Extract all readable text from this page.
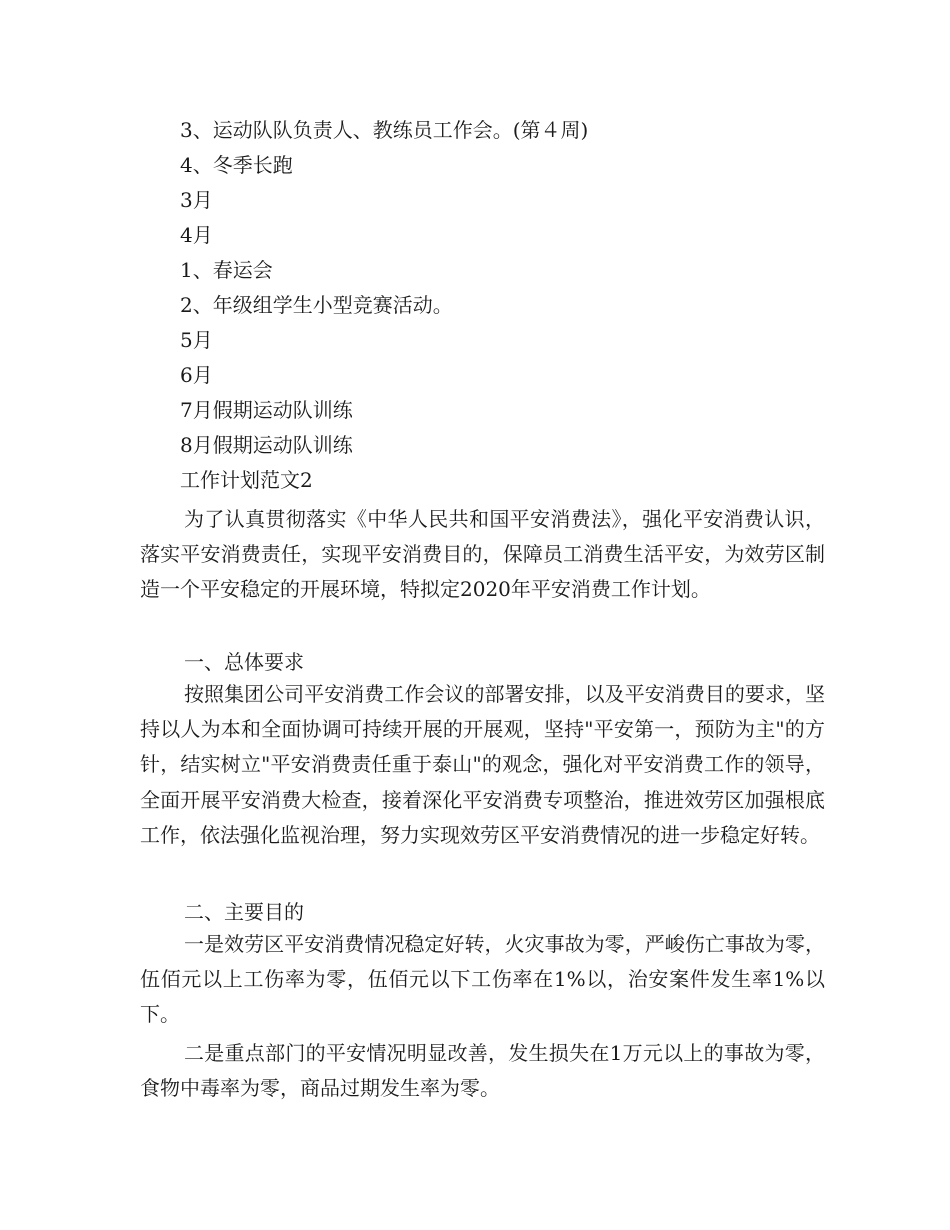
3、运动队队负责人、教练员工作会。(第４周)
4、冬季长跑
3月
4月
1、春运会
2、年级组学生小型竞赛活动。
5月
6月
7月假期运动队训练
8月假期运动队训练
工作计划范文2

为了认真贯彻落实《中华人民共和国平安消费法》，强化平安消费认识，落实平安消费责任，实现平安消费目的，保障员工消费生活平安，为效劳区制造一个平安稳定的开展环境，特拟定2020年平安消费工作计划。

一、总体要求

按照集团公司平安消费工作会议的部署安排，以及平安消费目的要求，坚持以人为本和全面协调可持续开展的开展观，坚持"平安第一，预防为主"的方针，结实树立"平安消费责任重于泰山"的观念，强化对平安消费工作的领导，全面开展平安消费大检查，接着深化平安消费专项整治，推进效劳区加强根底工作，依法强化监视治理，努力实现效劳区平安消费情况的进一步稳定好转。

二、主要目的

一是效劳区平安消费情况稳定好转，火灾事故为零，严峻伤亡事故为零，伍佰元以上工伤率为零，伍佰元以下工伤率在1%以，治安案件发生率1%以下。

二是重点部门的平安情况明显改善，发生损失在1万元以上的事故为零，食物中毒率为零，商品过期发生率为零。
